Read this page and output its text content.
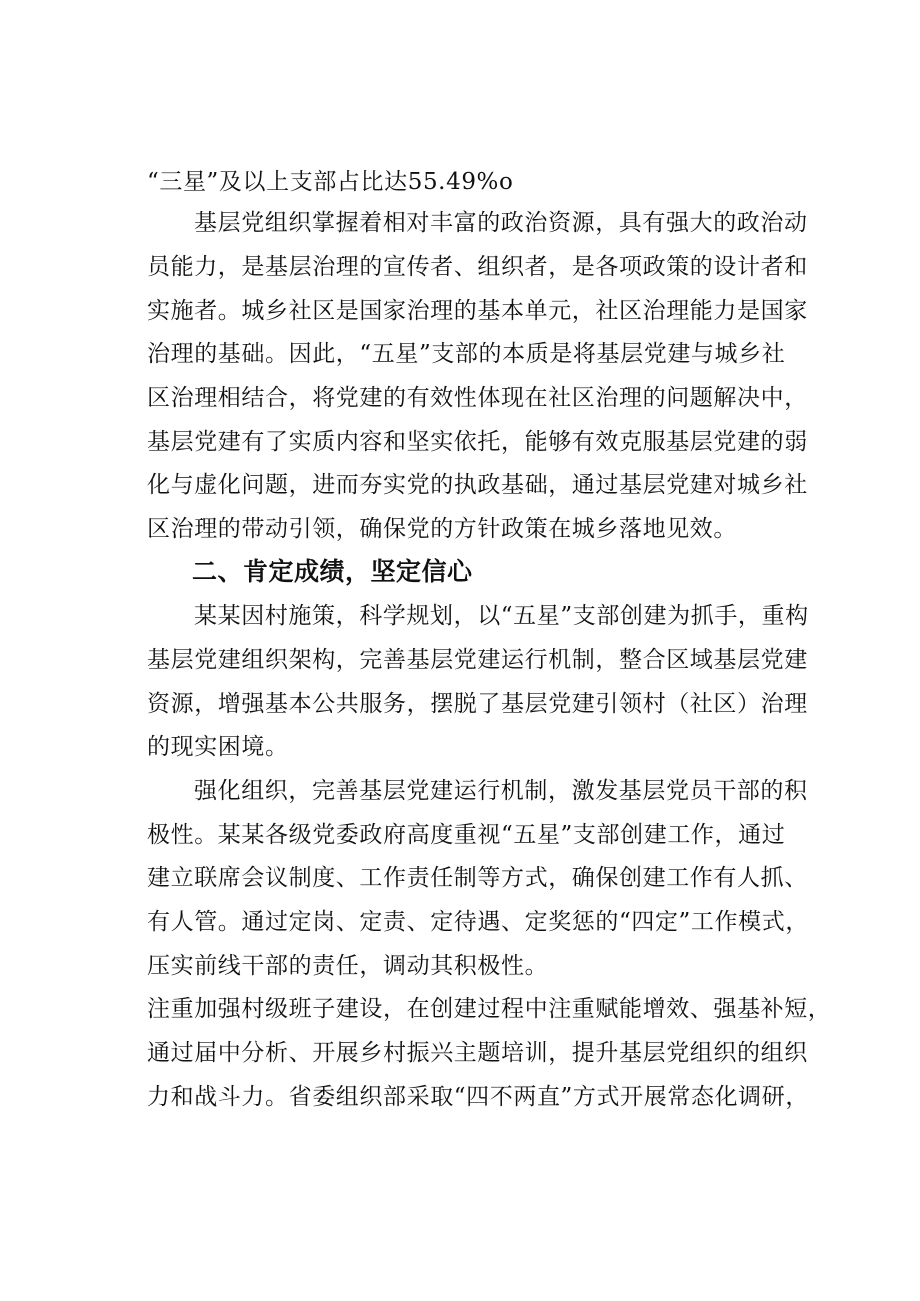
“三星”及以上支部占比达55.49%o
基层党组织掌握着相对丰富的政治资源，具有强大的政治动
员能力，是基层治理的宣传者、组织者，是各项政策的设计者和
实施者。城乡社区是国家治理的基本单元，社区治理能力是国家
治理的基础。因此，“五星”支部的本质是将基层党建与城乡社
区治理相结合，将党建的有效性体现在社区治理的问题解决中，
基层党建有了实质内容和坚实依托，能够有效克服基层党建的弱
化与虚化问题，进而夯实党的执政基础，通过基层党建对城乡社
区治理的带动引领，确保党的方针政策在城乡落地见效。
二、肯定成绩，坚定信心
某某因村施策，科学规划，以“五星”支部创建为抓手，重构
基层党建组织架构，完善基层党建运行机制，整合区域基层党建
资源，增强基本公共服务，摆脱了基层党建引领村（社区）治理
的现实困境。
强化组织，完善基层党建运行机制，激发基层党员干部的积
极性。某某各级党委政府高度重视“五星”支部创建工作，通过
建立联席会议制度、工作责任制等方式，确保创建工作有人抓、
有人管。通过定岗、定责、定待遇、定奖惩的“四定”工作模式，
压实前线干部的责任，调动其积极性。
注重加强村级班子建设，在创建过程中注重赋能增效、强基补短，
通过届中分析、开展乡村振兴主题培训，提升基层党组织的组织
力和战斗力。省委组织部采取“四不两直”方式开展常态化调研，
